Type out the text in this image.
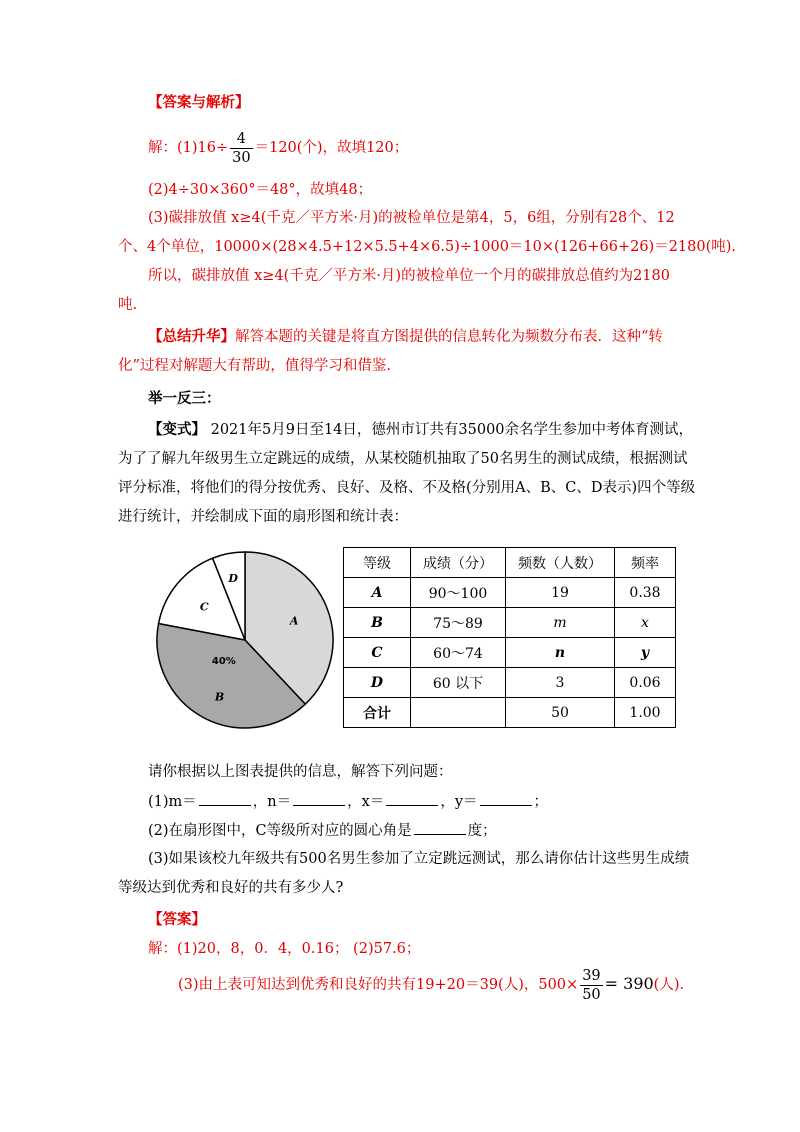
【答案与解析】
解：$(1)16\div \frac{4}{30} =120$(个)，故填120；
(2)4÷30×360°＝48°，故填48；
(3)碳排放值 x≥4(千克／平方米·月)的被检单位是第4，5，6组，分别有28个、12
个、4个单位，10000×(28×4.5+12×5.5+4×6.5)÷1000＝10×(126+66+26)＝2180(吨).
所以，碳排放值 x≥4(千克／平方米·月)的被检单位一个月的碳排放总值约为2180
吨.
【总结升华】解答本题的关键是将直方图提供的信息转化为频数分布表．这种“转
化”过程对解题大有帮助，值得学习和借鉴.
举一反三：
【变式】 2021年5月9日至14日，德州市订共有35000余名学生参加中考体育测试，
为了了解九年级男生立定跳远的成绩，从某校随机抽取了50名男生的测试成绩，根据测试
评分标准，将他们的得分按优秀、良好、及格、不及格(分别用A、B、C、D表示)四个等级
进行统计，并绘制成下面的扇形图和统计表：
A
B
40%
C
D
等级	成绩（分）	频数（人数）	频率
A	90～100	19	0.38
B	75～89	m	x
C	60～74	n	y
D	60 以下	3	0.06
合计		50	1.00
请你根据以上图表提供的信息，解答下列问题：
(1)m＝	，n＝	，x＝	，y＝	；
(2)在扇形图中，C等级所对应的圆心角是	度；
(3)如果该校九年级共有500名男生参加了立定跳远测试，那么请你估计这些男生成绩
等级达到优秀和良好的共有多少人?
【答案】
解：(1)20，8，0．4，0.16； (2)57.6；
(3)由上表可知达到优秀和良好的共有19+20＝39(人)，$500\times \frac{39}{50} = 390$(人).
